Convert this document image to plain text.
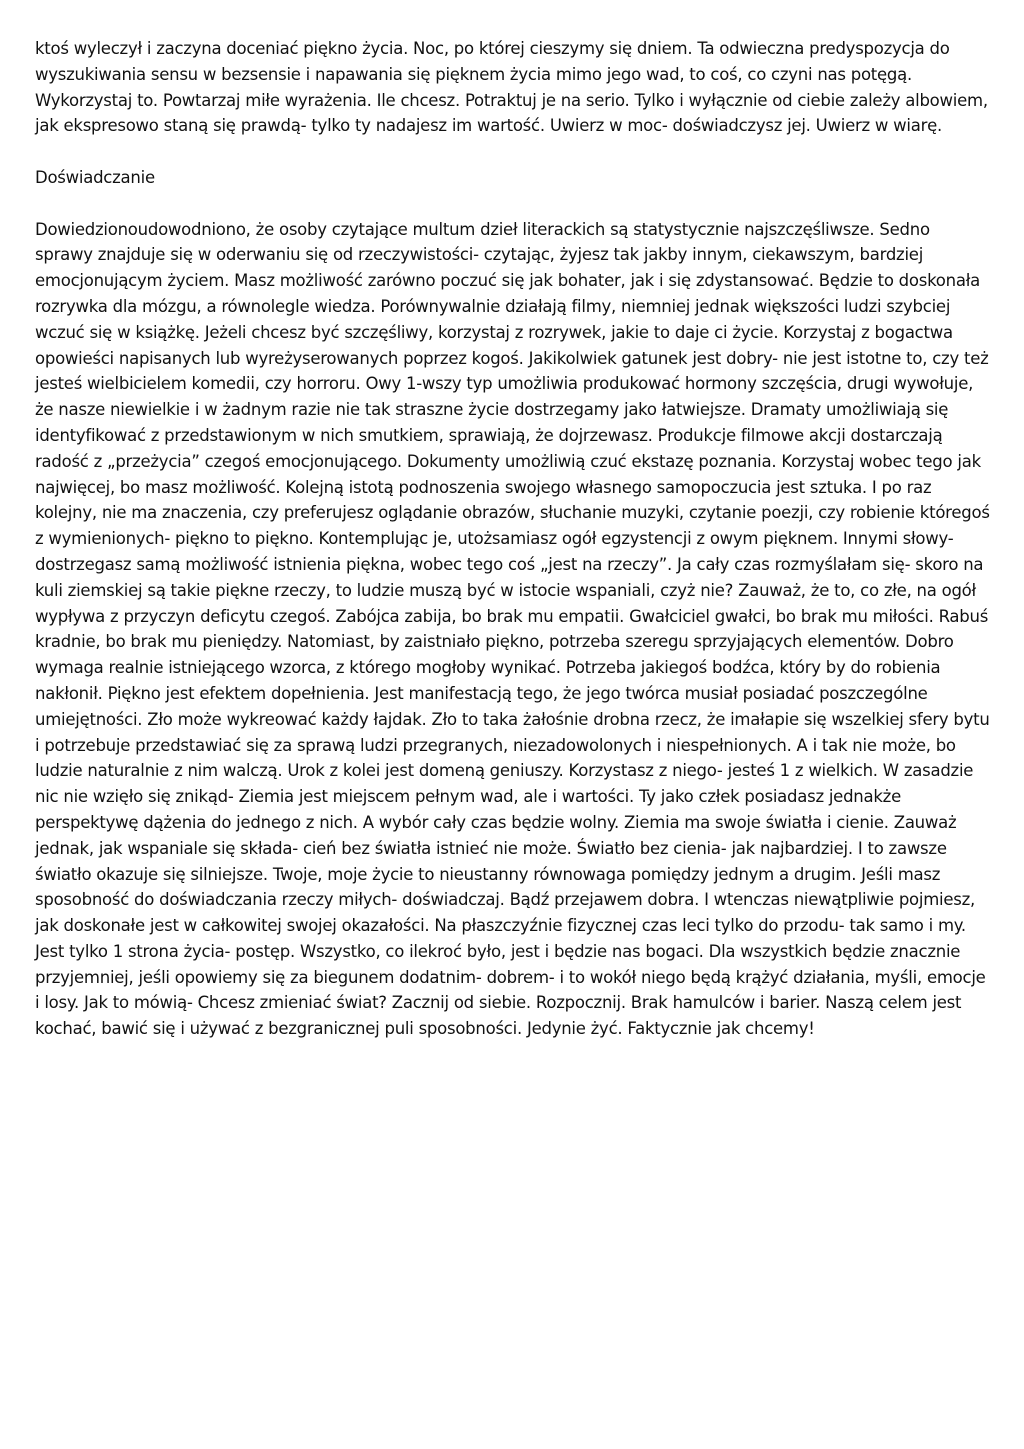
ktoś wyleczył i zaczyna doceniać piękno życia. Noc, po której cieszymy się dniem. Ta odwieczna predyspozycja do wyszukiwania sensu w bezsensie i napawania się pięknem życia mimo jego wad, to coś, co czyni nas potęgą. Wykorzystaj to. Powtarzaj miłe wyrażenia. Ile chcesz. Potraktuj je na serio. Tylko i wyłącznie od ciebie zależy albowiem, jak ekspresowo staną się prawdą- tylko ty nadajesz im wartość. Uwierz w moc- doświadczysz jej. Uwierz w wiarę.

Doświadczanie

Dowiedzionoudowodniono, że osoby czytające multum dzieł literackich są statystycznie najszczęśliwsze. Sedno sprawy znajduje się w oderwaniu się od rzeczywistości- czytając, żyjesz tak jakby innym, ciekawszym, bardziej emocjonującym życiem. Masz możliwość zarówno poczuć się jak bohater, jak i się zdystansować. Będzie to doskonała rozrywka dla mózgu, a równolegle wiedza. Porównywalnie działają filmy, niemniej jednak większości ludzi szybciej wczuć się w książkę. Jeżeli chcesz być szczęśliwy, korzystaj z rozrywek, jakie to daje ci życie. Korzystaj z bogactwa opowieści napisanych lub wyreżyserowanych poprzez kogoś. Jakikolwiek gatunek jest dobry- nie jest istotne to, czy też jesteś wielbicielem komedii, czy horroru. Owy 1-wszy typ umożliwia produkować hormony szczęścia, drugi wywołuje, że nasze niewielkie i w żadnym razie nie tak straszne życie dostrzegamy jako łatwiejsze. Dramaty umożliwiają się identyfikować z przedstawionym w nich smutkiem, sprawiają, że dojrzewasz. Produkcje filmowe akcji dostarczają radość z „przeżycia” czegoś emocjonującego. Dokumenty umożliwią czuć ekstazę poznania. Korzystaj wobec tego jak najwięcej, bo masz możliwość. Kolejną istotą podnoszenia swojego własnego samopoczucia jest sztuka. I po raz kolejny, nie ma znaczenia, czy preferujesz oglądanie obrazów, słuchanie muzyki, czytanie poezji, czy robienie któregoś z wymienionych- piękno to piękno. Kontemplując je, utożsamiasz ogół egzystencji z owym pięknem. Innymi słowy- dostrzegasz samą możliwość istnienia piękna, wobec tego coś „jest na rzeczy”. Ja cały czas rozmyślałam się- skoro na kuli ziemskiej są takie piękne rzeczy, to ludzie muszą być w istocie wspaniali, czyż nie? Zauważ, że to, co złe, na ogół wypływa z przyczyn deficytu czegoś. Zabójca zabija, bo brak mu empatii. Gwałciciel gwałci, bo brak mu miłości. Rabuś kradnie, bo brak mu pieniędzy. Natomiast, by zaistniało piękno, potrzeba szeregu sprzyjających elementów. Dobro wymaga realnie istniejącego wzorca, z którego mogłoby wynikać. Potrzeba jakiegoś bodźca, który by do robienia nakłonił. Piękno jest efektem dopełnienia. Jest manifestacją tego, że jego twórca musiał posiadać poszczególne umiejętności. Zło może wykreować każdy łajdak. Zło to taka żałośnie drobna rzecz, że imałapie się wszelkiej sfery bytu i potrzebuje przedstawiać się za sprawą ludzi przegranych, niezadowolonych i niespełnionych. A i tak nie może, bo ludzie naturalnie z nim walczą. Urok z kolei jest domeną geniuszy. Korzystasz z niego- jesteś 1 z wielkich. W zasadzie nic nie wzięło się znikąd- Ziemia jest miejscem pełnym wad, ale i wartości. Ty jako człek posiadasz jednakże perspektywę dążenia do jednego z nich. A wybór cały czas będzie wolny. Ziemia ma swoje światła i cienie. Zauważ jednak, jak wspaniale się składa- cień bez światła istnieć nie może. Światło bez cienia- jak najbardziej. I to zawsze światło okazuje się silniejsze. Twoje, moje życie to nieustanny równowaga pomiędzy jednym a drugim. Jeśli masz sposobność do doświadczania rzeczy miłych- doświadczaj. Bądź przejawem dobra. I wtenczas niewątpliwie pojmiesz, jak doskonałe jest w całkowitej swojej okazałości. Na płaszczyźnie fizycznej czas leci tylko do przodu- tak samo i my. Jest tylko 1 strona życia- postęp. Wszystko, co ilekroć było, jest i będzie nas bogaci. Dla wszystkich będzie znacznie przyjemniej, jeśli opowiemy się za biegunem dodatnim- dobrem- i to wokół niego będą krążyć działania, myśli, emocje i losy. Jak to mówią- Chcesz zmieniać świat? Zacznij od siebie. Rozpocznij. Brak hamulców i barier. Naszą celem jest kochać, bawić się i używać z bezgranicznej puli sposobności. Jedynie żyć. Faktycznie jak chcemy!
